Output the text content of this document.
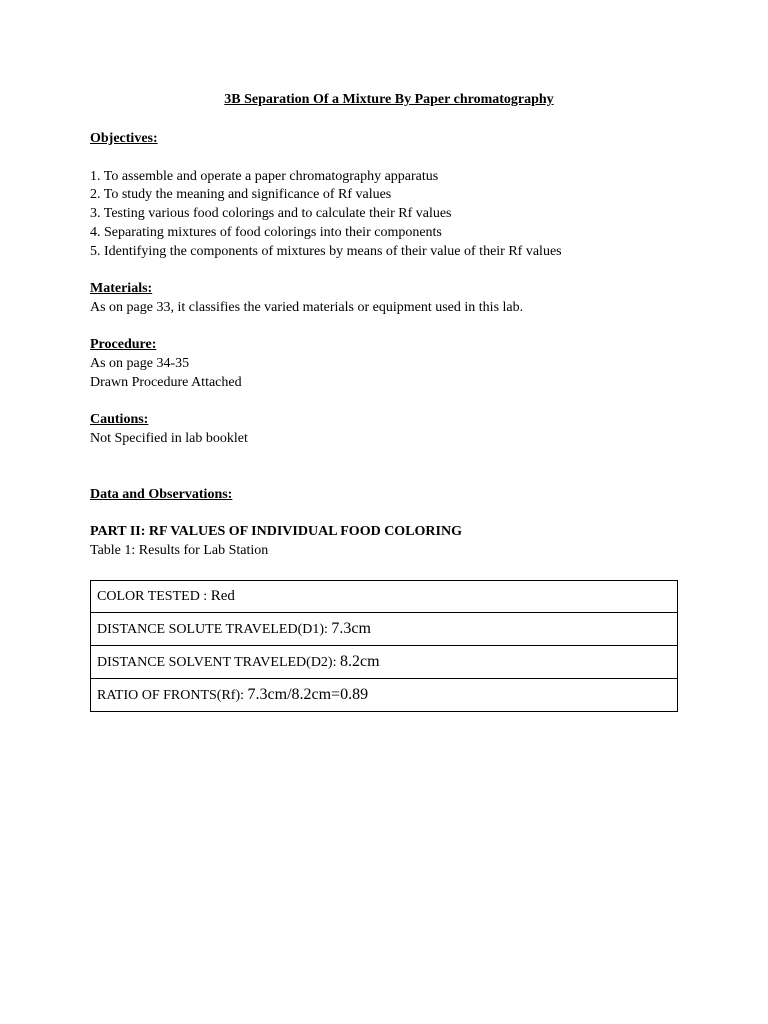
3B Separation Of a Mixture By Paper chromatography
Objectives:
1. To assemble and operate a paper chromatography apparatus
2. To study the meaning and significance of Rf values
3. Testing various food colorings and to calculate their Rf values
4. Separating mixtures of food colorings into their components
5. Identifying the components of mixtures by means of their value of their Rf values
Materials:
As on page 33, it classifies the varied materials or equipment used in this lab.
Procedure:
As on page 34-35
Drawn Procedure Attached
Cautions:
Not Specified in lab booklet
Data and Observations:
PART II: RF VALUES OF INDIVIDUAL FOOD COLORING
Table 1: Results for Lab Station
COLOR TESTED : Red
DISTANCE SOLUTE TRAVELED(D1): 7.3cm
DISTANCE SOLVENT TRAVELED(D2): 8.2cm
RATIO OF FRONTS(Rf): 7.3cm/8.2cm=0.89
